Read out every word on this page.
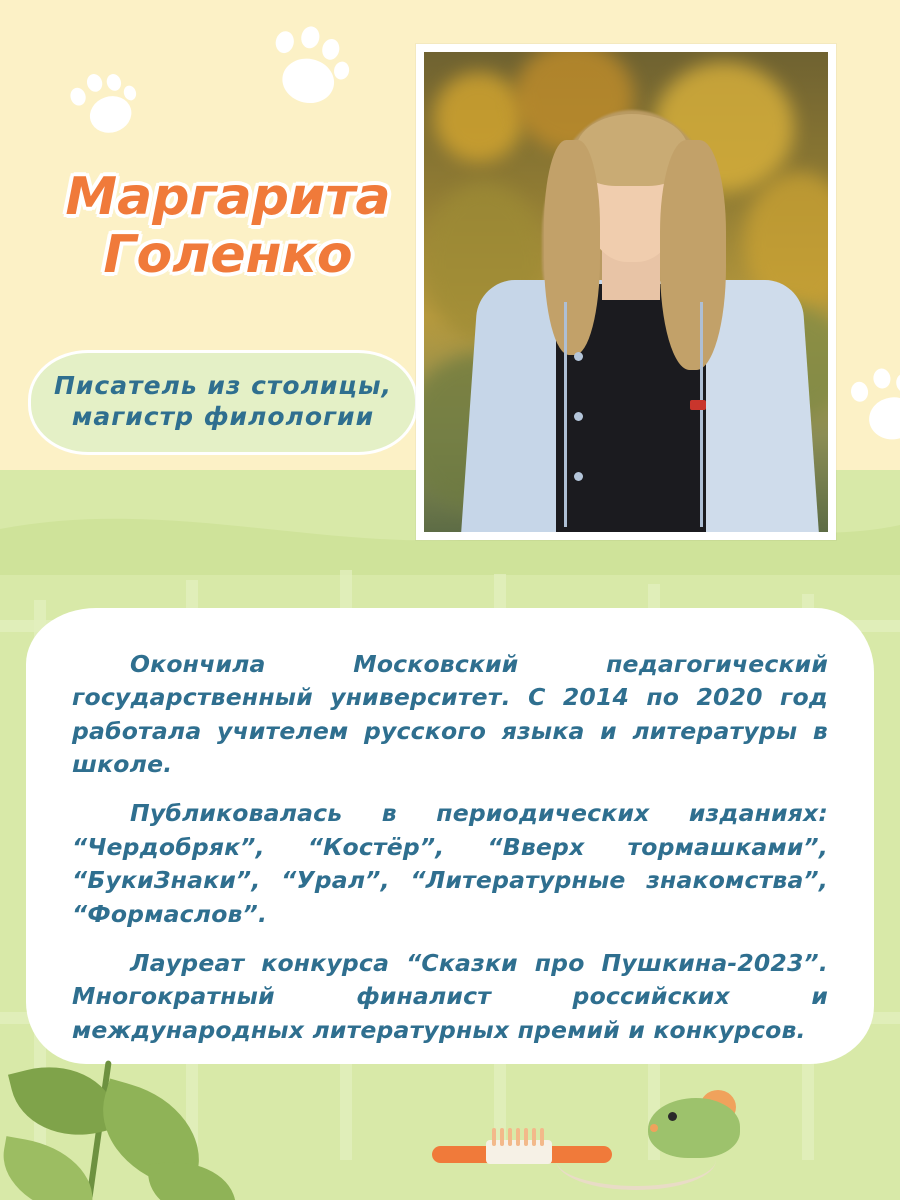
Маргарита
Голенко
Писатель из столицы,
магистр филологии

Окончила Московский педагогический государственный университет. С 2014 по 2020 год работала учителем русского языка и литературы в школе.

Публиковалась в периодических изданиях: “Чердобряк”, “Костёр”, “Вверх тормашками”, “БукиЗнаки”, “Урал”, “Литературные знакомства”, “Формаслов”.

Лауреат конкурса “Сказки про Пушкина-2023”. Многократный финалист российских и международных литературных премий и конкурсов.
